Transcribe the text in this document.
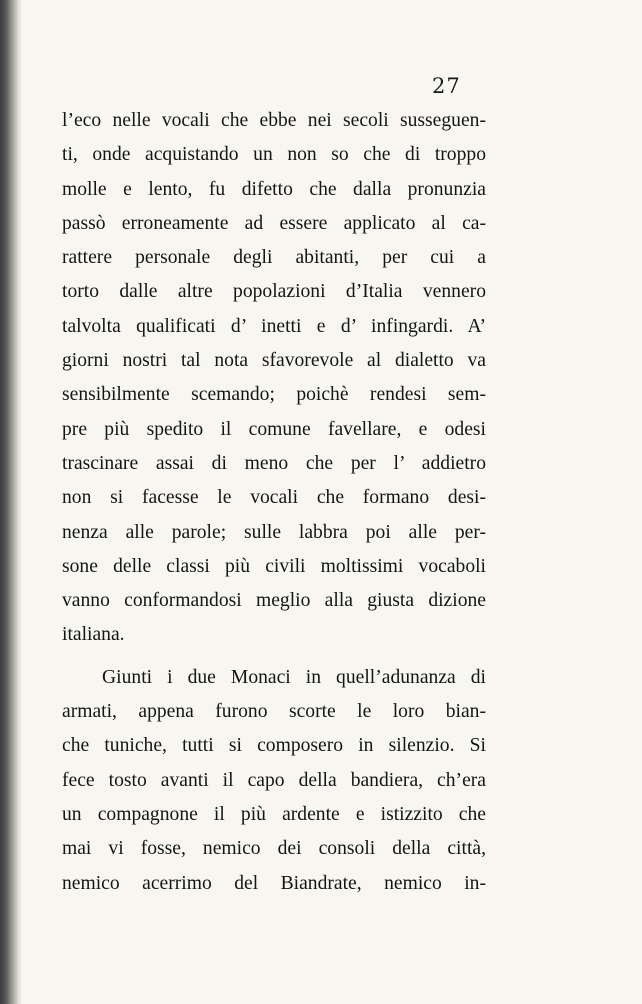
27
l’eco nelle vocali che ebbe nei secoli susseguen-
ti, onde acquistando un non so che di troppo
molle e lento, fu difetto che dalla pronunzia
passò erroneamente ad essere applicato al ca-
rattere personale degli abitanti, per cui a
torto dalle altre popolazioni d’Italia vennero
talvolta qualificati d’ inetti e d’ infingardi. A’
giorni nostri tal nota sfavorevole al dialetto va
sensibilmente scemando; poichè rendesi sem-
pre più spedito il comune favellare, e odesi
trascinare assai di meno che per l’ addietro
non si facesse le vocali che formano desi-
nenza alle parole; sulle labbra poi alle per-
sone delle classi più civili moltissimi vocaboli
vanno conformandosi meglio alla giusta dizione
italiana.
Giunti i due Monaci in quell’adunanza di
armati, appena furono scorte le loro bian-
che tuniche, tutti si composero in silenzio. Si
fece tosto avanti il capo della bandiera, ch’era
un compagnone il più ardente e istizzito che
mai vi fosse, nemico dei consoli della città,
nemico acerrimo del Biandrate, nemico in-
